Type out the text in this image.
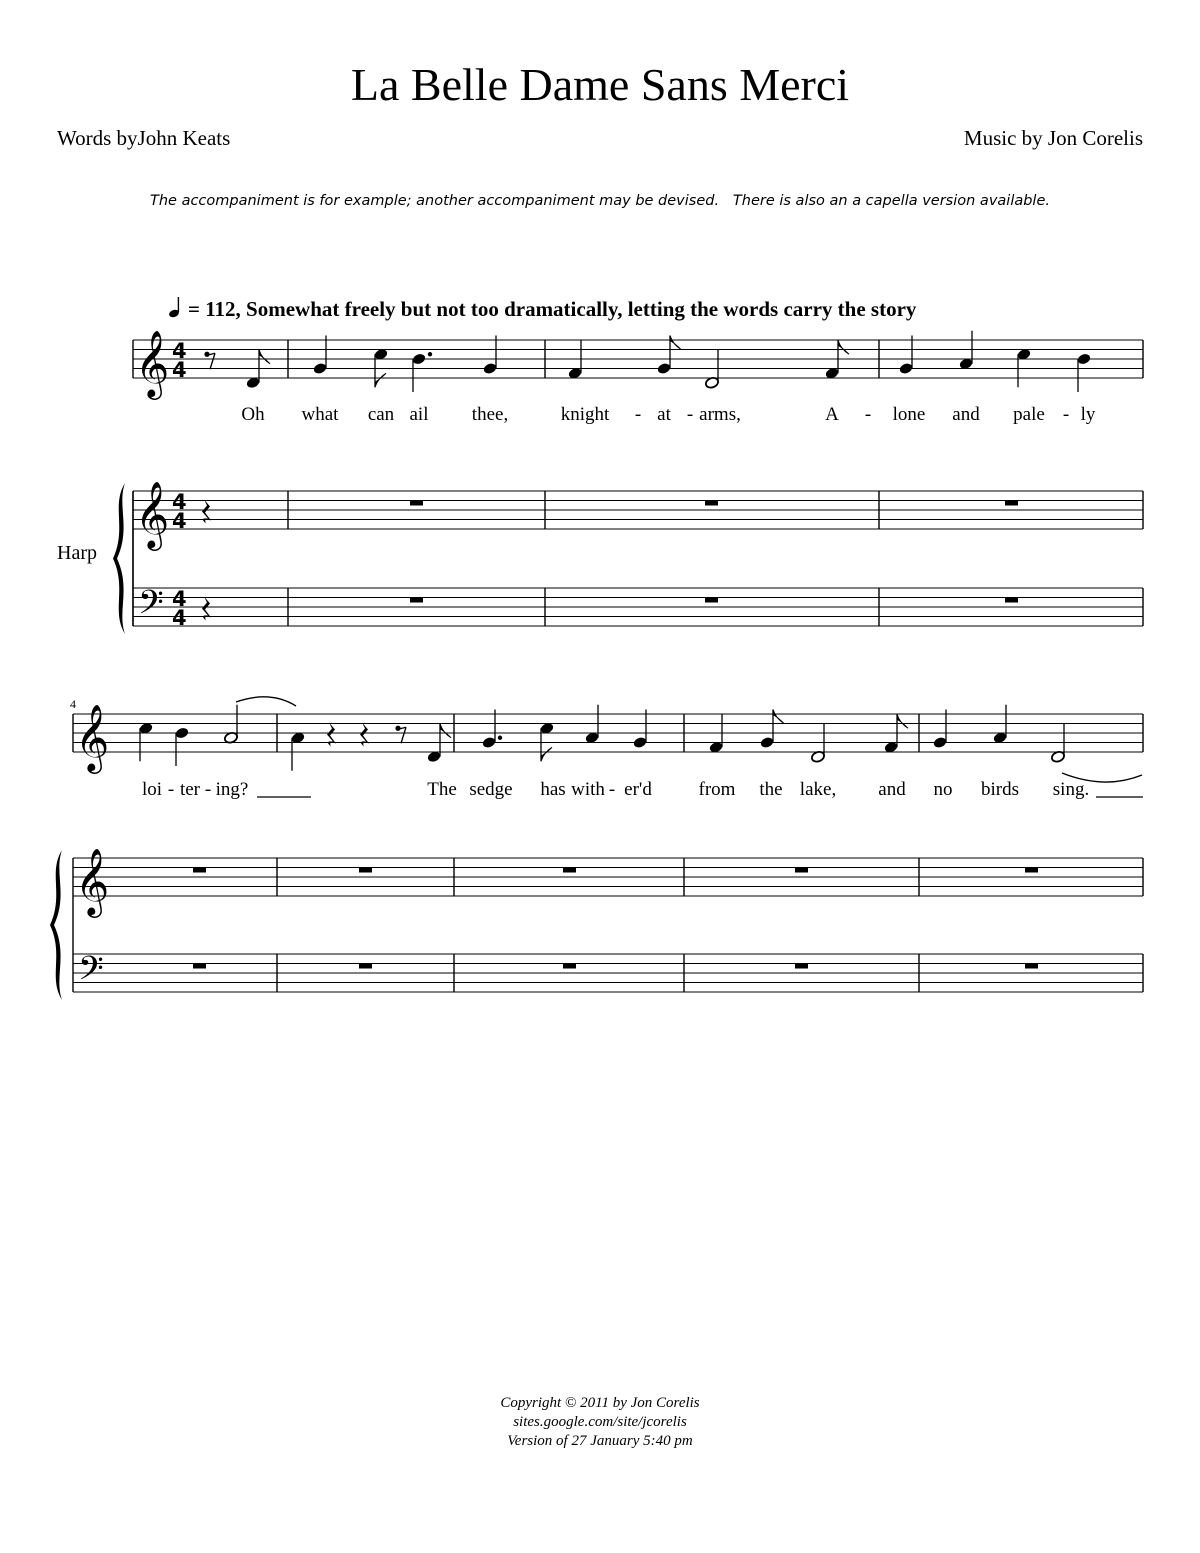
La Belle Dame Sans Merci
Words byJohn Keats	Music by Jon Corelis
The accompaniment is for example; another accompaniment may be devised.   There is also an a capella version available.
= 112, Somewhat freely but not too dramatically, letting the words carry the story
Harp
4
𝄞
𝄞
𝄢
4
4
4
4
4
4
Oh what can ail thee,	knight - at - arms,	A - lone and pale - ly
𝄞
𝄞
𝄢
loi - ter - ing?	The sedge has with - er'd from the lake, and no birds sing.
Copyright © 2011 by Jon Corelis
sites.google.com/site/jcorelis
Version of 27 January 5:40 pm
